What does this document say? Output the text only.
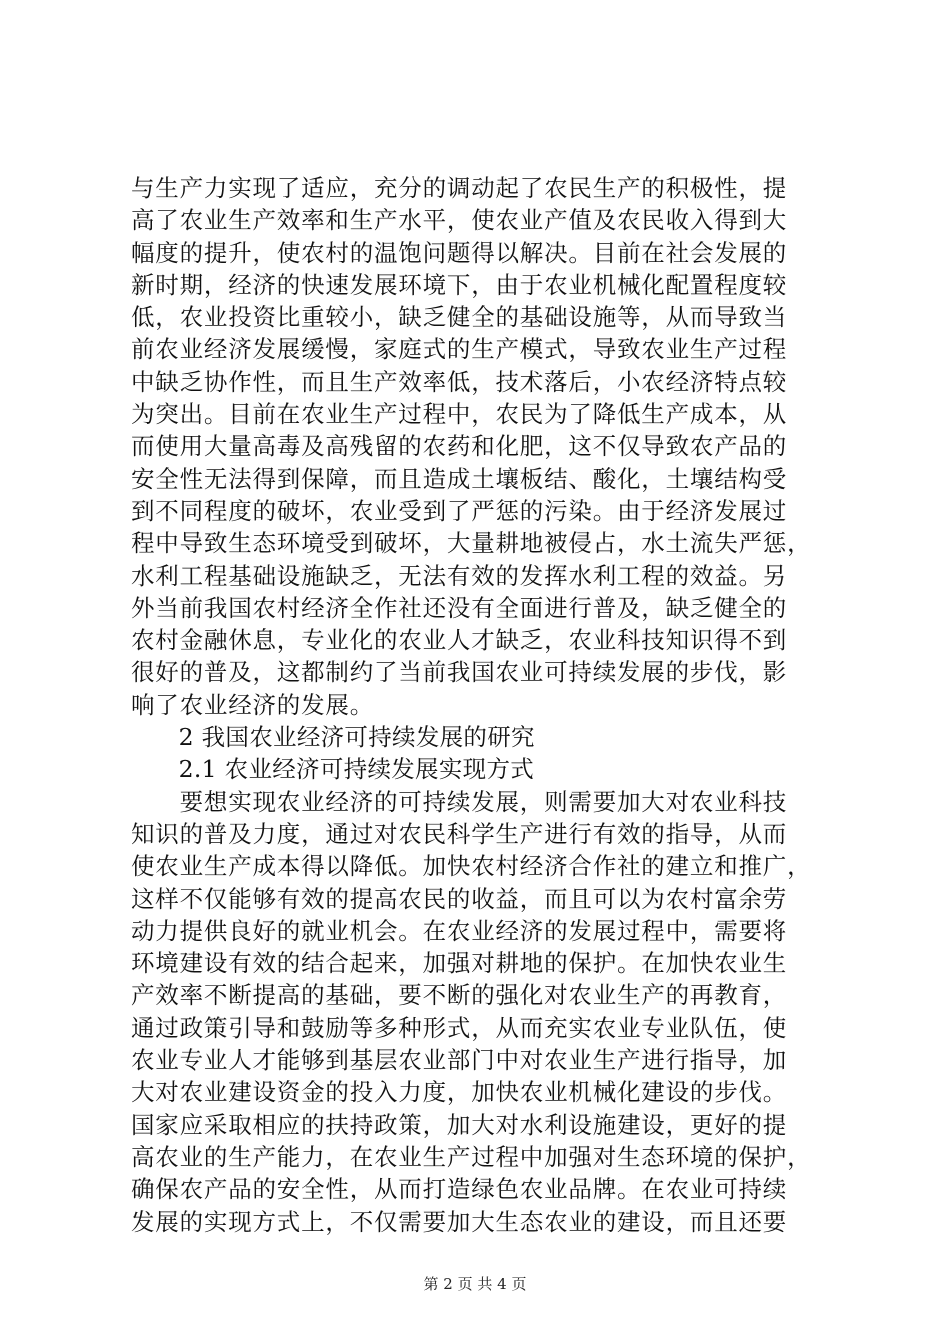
与生产力实现了适应，充分的调动起了农民生产的积极性，提
高了农业生产效率和生产水平，使农业产值及农民收入得到大
幅度的提升，使农村的温饱问题得以解决。目前在社会发展的
新时期，经济的快速发展环境下，由于农业机械化配置程度较
低，农业投资比重较小，缺乏健全的基础设施等，从而导致当
前农业经济发展缓慢，家庭式的生产模式，导致农业生产过程
中缺乏协作性，而且生产效率低，技术落后，小农经济特点较
为突出。目前在农业生产过程中，农民为了降低生产成本，从
而使用大量高毒及高残留的农药和化肥，这不仅导致农产品的
安全性无法得到保障，而且造成土壤板结、酸化，土壤结构受
到不同程度的破坏，农业受到了严惩的污染。由于经济发展过
程中导致生态环境受到破坏，大量耕地被侵占，水土流失严惩，
水利工程基础设施缺乏，无法有效的发挥水利工程的效益。另
外当前我国农村经济全作社还没有全面进行普及，缺乏健全的
农村金融休息，专业化的农业人才缺乏，农业科技知识得不到
很好的普及，这都制约了当前我国农业可持续发展的步伐，影
响了农业经济的发展。
　　2 我国农业经济可持续发展的研究
　　2.1 农业经济可持续发展实现方式
　　要想实现农业经济的可持续发展，则需要加大对农业科技
知识的普及力度，通过对农民科学生产进行有效的指导，从而
使农业生产成本得以降低。加快农村经济合作社的建立和推广，
这样不仅能够有效的提高农民的收益，而且可以为农村富余劳
动力提供良好的就业机会。在农业经济的发展过程中，需要将
环境建设有效的结合起来，加强对耕地的保护。在加快农业生
产效率不断提高的基础，要不断的强化对农业生产的再教育，
通过政策引导和鼓励等多种形式，从而充实农业专业队伍，使
农业专业人才能够到基层农业部门中对农业生产进行指导，加
大对农业建设资金的投入力度，加快农业机械化建设的步伐。
国家应采取相应的扶持政策，加大对水利设施建设，更好的提
高农业的生产能力，在农业生产过程中加强对生态环境的保护，
确保农产品的安全性，从而打造绿色农业品牌。在农业可持续
发展的实现方式上，不仅需要加大生态农业的建设，而且还要
第 2 页 共 4 页
